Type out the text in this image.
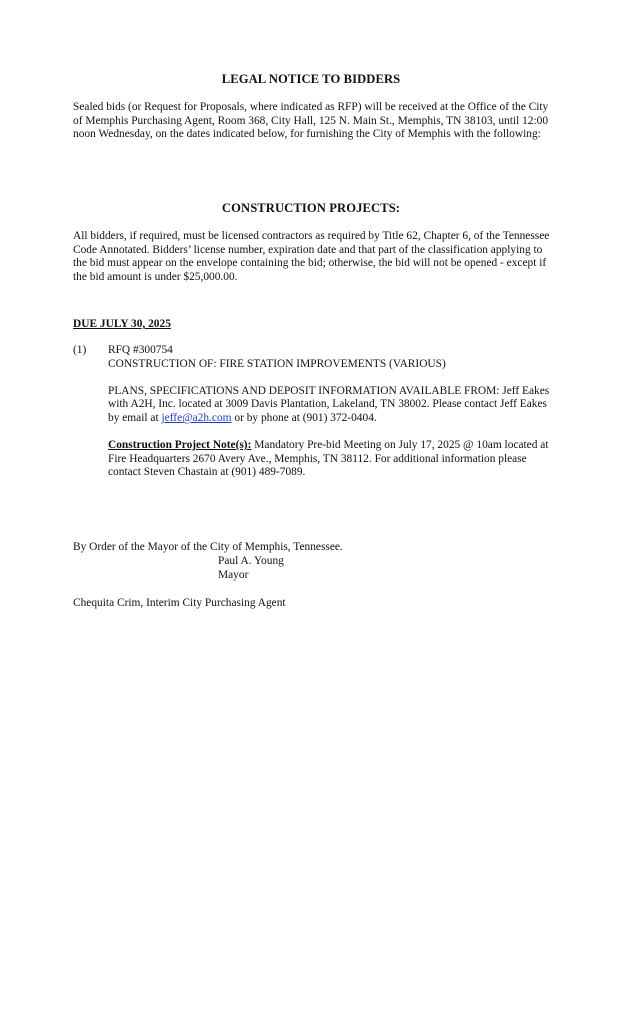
LEGAL NOTICE TO BIDDERS

Sealed bids (or Request for Proposals, where indicated as RFP) will be received at the Office of the City of Memphis Purchasing Agent, Room 368, City Hall, 125 N. Main St., Memphis, TN 38103, until 12:00 noon Wednesday, on the dates indicated below, for furnishing the City of Memphis with the following:

CONSTRUCTION PROJECTS:

All bidders, if required, must be licensed contractors as required by Title 62, Chapter 6, of the Tennessee Code Annotated. Bidders’ license number, expiration date and that part of the classification applying to the bid must appear on the envelope containing the bid; otherwise, the bid will not be opened - except if the bid amount is under $25,000.00.

DUE JULY 30, 2025
(1) RFQ #300754

CONSTRUCTION OF: FIRE STATION IMPROVEMENTS (VARIOUS)

PLANS, SPECIFICATIONS AND DEPOSIT INFORMATION AVAILABLE FROM: Jeff Eakes with A2H, Inc. located at 3009 Davis Plantation, Lakeland, TN 38002. Please contact Jeff Eakes by email at jeffe@a2h.com or by phone at (901) 372-0404.

Construction Project Note(s): Mandatory Pre-bid Meeting on July 17, 2025 @ 10am located at Fire Headquarters 2670 Avery Ave., Memphis, TN 38112. For additional information please contact Steven Chastain at (901) 489-7089.

By Order of the Mayor of the City of Memphis, Tennessee.
Paul A. Young
Mayor
Chequita Crim, Interim City Purchasing Agent
